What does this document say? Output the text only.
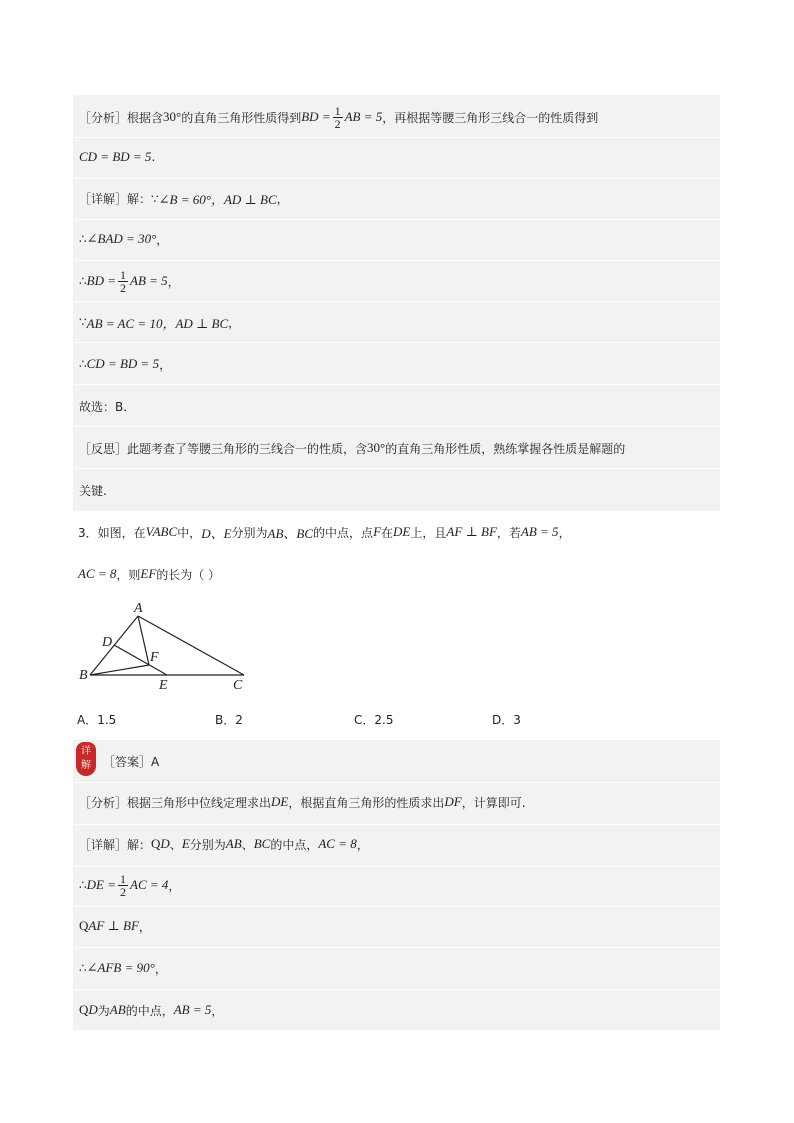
［分析］根据含 30° 的直角三角形性质得到 BD = $\frac{1}{2}$ AB = 5 ，再根据等腰三角形三线合一的性质得到
CD = BD = 5 .
［详解］解：∵ ∠B = 60°，AD ⊥ BC ，
∴ ∠BAD = 30° ，
∴ BD = $\frac{1}{2}$ AB = 5 ，
∵ AB = AC = 10，AD ⊥ BC ，
∴ CD = BD = 5 ，
故选：B.
［反思］此题考查了等腰三角形的三线合一的性质，含 30° 的直角三角形性质，熟练掌握各性质是解题的
关键.
3．如图，在 VABC 中， D、E 分别为 AB、BC 的中点，点 F 在 DE 上，且 AF ⊥ BF ，若 AB = 5 ，
AC = 8 ，则 EF 的长为（ ）
A
D
F
B
E	C
A．1.5	B．2	C．2.5	D．3
［答案］A
［分析］根据三角形中位线定理求出 DE ，根据直角三角形的性质求出 DF ，计算即可.
［详解］解： Q D 、 E 分别为 AB 、 BC 的中点， AC = 8 ，
∴ DE = $\frac{1}{2}$ AC = 4 ，
Q AF ⊥ BF ，
∴ ∠AFB = 90° ，
Q D 为 AB 的中点， AB = 5 ，
详
解
